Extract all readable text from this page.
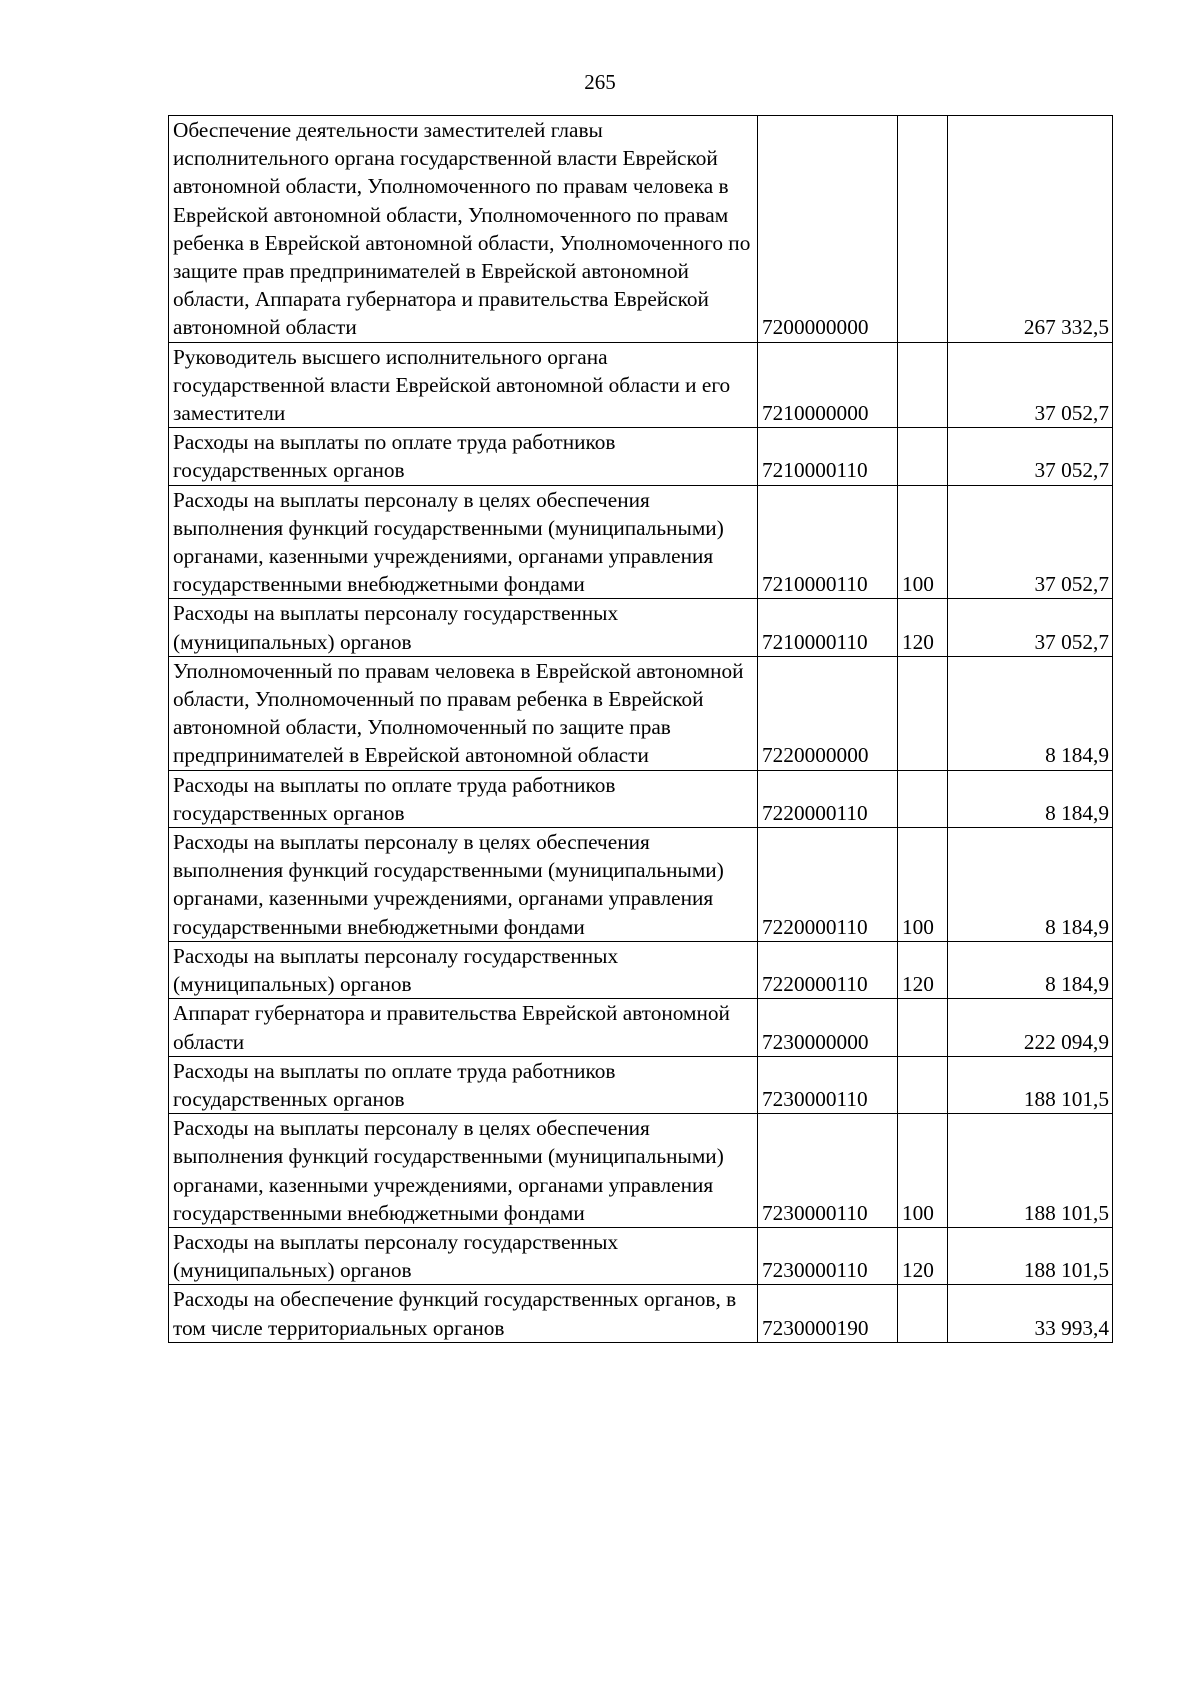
265
Обеспечение деятельности заместителей главы исполнительного органа государственной власти Еврейской автономной области, Уполномоченного по правам человека в Еврейской автономной области, Уполномоченного по правам ребенка в Еврейской автономной области, Уполномоченного по защите прав предпринимателей в Еврейской автономной области, Аппарата губернатора и правительства Еврейской автономной области	7200000000		267 332,5
Руководитель высшего исполнительного органа государственной власти Еврейской автономной области и его заместители	7210000000		37 052,7
Расходы на выплаты по оплате труда работников государственных органов	7210000110		37 052,7
Расходы на выплаты персоналу в целях обеспечения выполнения функций государственными (муниципальными) органами, казенными учреждениями, органами управления государственными внебюджетными фондами	7210000110	100	37 052,7
Расходы на выплаты персоналу государственных (муниципальных) органов	7210000110	120	37 052,7
Уполномоченный по правам человека в Еврейской автономной области, Уполномоченный по правам ребенка в Еврейской автономной области, Уполномоченный по защите прав предпринимателей в Еврейской автономной области	7220000000		8 184,9
Расходы на выплаты по оплате труда работников государственных органов	7220000110		8 184,9
Расходы на выплаты персоналу в целях обеспечения выполнения функций государственными (муниципальными) органами, казенными учреждениями, органами управления государственными внебюджетными фондами	7220000110	100	8 184,9
Расходы на выплаты персоналу государственных (муниципальных) органов	7220000110	120	8 184,9
Аппарат губернатора и правительства Еврейской автономной области	7230000000		222 094,9
Расходы на выплаты по оплате труда работников государственных органов	7230000110		188 101,5
Расходы на выплаты персоналу в целях обеспечения выполнения функций государственными (муниципальными) органами, казенными учреждениями, органами управления государственными внебюджетными фондами	7230000110	100	188 101,5
Расходы на выплаты персоналу государственных (муниципальных) органов	7230000110	120	188 101,5
Расходы на обеспечение функций государственных органов, в том числе территориальных органов	7230000190		33 993,4
